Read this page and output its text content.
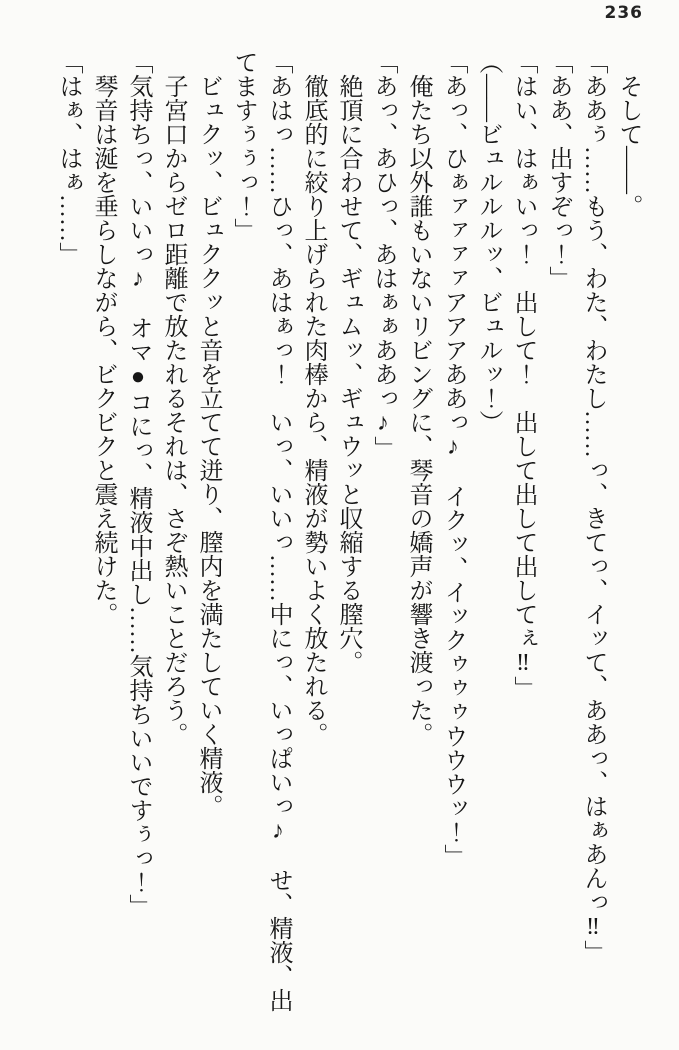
236

　そして――。

「ああぅ……もう、わた、わたし……っ、きてっ、イッて、ああっ、はぁあんっ‼」

「ああ、出すぞっ！」

「はい、はぁいっ！　出して！　出して出して出してぇ‼」

（――ビュルルルッ、ビュルッ！）

「あっ、ひぁァァァァアアアああっ♪　イクッ、イックゥゥゥウウウッ！」

　俺たち以外誰もいないリビングに、琴音の嬌声が響き渡った。

「あっ、あひっ、あはぁぁああっ♪」

　絶頂に合わせて、ギュムッ、ギュウッと収縮する膣穴。

　徹底的に絞り上げられた肉棒から、精液が勢いよく放たれる。

「あはっ……ひっ、あはぁっ！　いっ、いいっ……中にっ、いっぱいっ♪　せ、精液、出

てますぅぅっ！」

　ビュクッ、ビュククッと音を立てて迸り、膣内を満たしていく精液。

　子宮口からゼロ距離で放たれるそれは、さぞ熱いことだろう。

「気持ちっ、いいっ♪　オマ●コにっ、精液中出し……気持ちいいですぅっ！」

　琴音は涎を垂らしながら、ビクビクと震え続けた。

「はぁ、はぁ……」
